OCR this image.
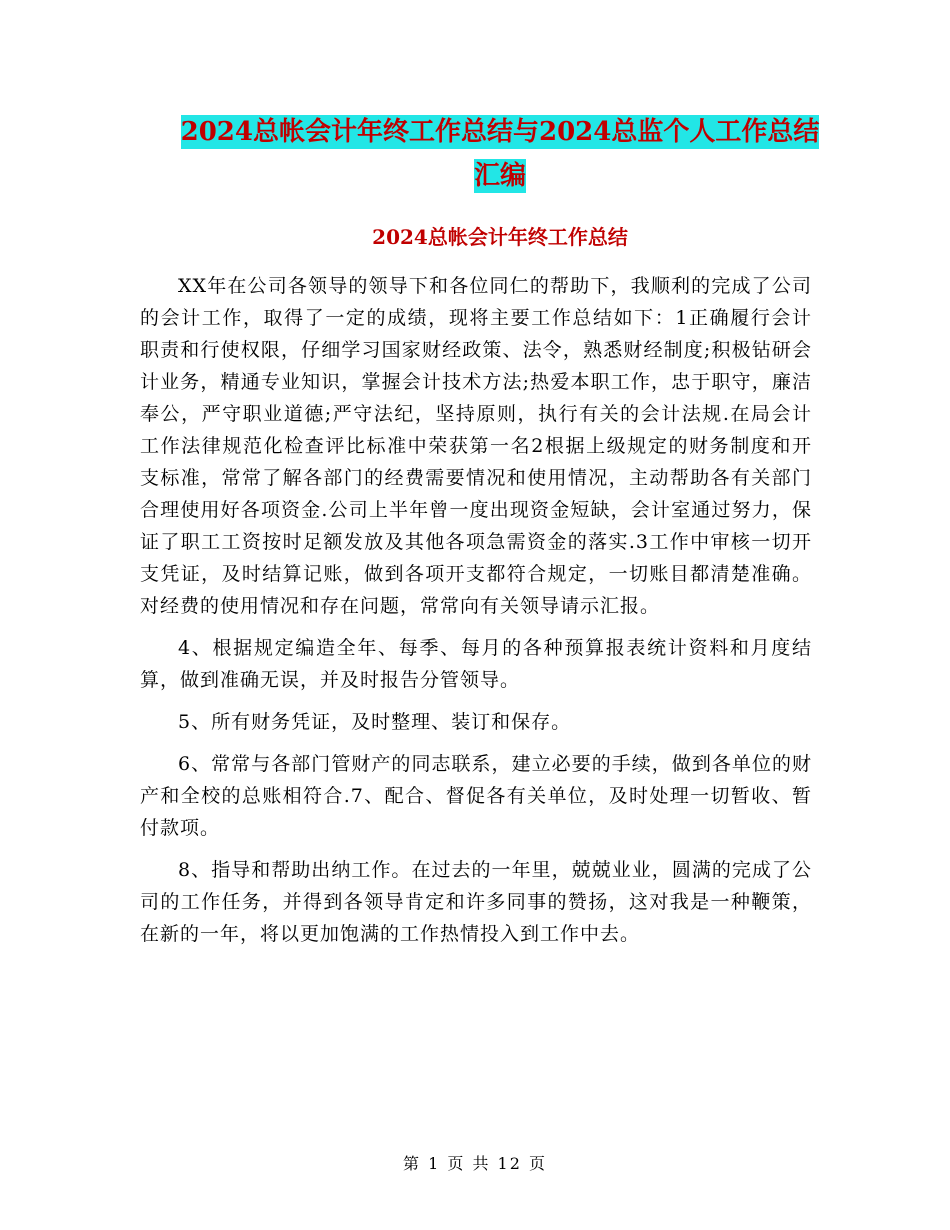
2024总帐会计年终工作总结与2024总监个人工作总结
汇编
2024总帐会计年终工作总结

XX年在公司各领导的领导下和各位同仁的帮助下，我顺利的完成了公司的会计工作，取得了一定的成绩，现将主要工作总结如下：1正确履行会计职责和行使权限，仔细学习国家财经政策、法令，熟悉财经制度;积极钻研会计业务，精通专业知识，掌握会计技术方法;热爱本职工作，忠于职守，廉洁奉公，严守职业道德;严守法纪，坚持原则，执行有关的会计法规.在局会计工作法律规范化检查评比标准中荣获第一名2根据上级规定的财务制度和开支标准，常常了解各部门的经费需要情况和使用情况，主动帮助各有关部门合理使用好各项资金.公司上半年曾一度出现资金短缺，会计室通过努力，保证了职工工资按时足额发放及其他各项急需资金的落实.3工作中审核一切开支凭证，及时结算记账，做到各项开支都符合规定，一切账目都清楚准确。对经费的使用情况和存在问题，常常向有关领导请示汇报。

4、根据规定编造全年、每季、每月的各种预算报表统计资料和月度结算，做到准确无误，并及时报告分管领导。

5、所有财务凭证，及时整理、装订和保存。

6、常常与各部门管财产的同志联系，建立必要的手续，做到各单位的财产和全校的总账相符合.7、配合、督促各有关单位，及时处理一切暂收、暂付款项。

8、指导和帮助出纳工作。在过去的一年里，兢兢业业，圆满的完成了公司的工作任务，并得到各领导肯定和许多同事的赞扬，这对我是一种鞭策，在新的一年，将以更加饱满的工作热情投入到工作中去。

第 1 页 共 12 页
